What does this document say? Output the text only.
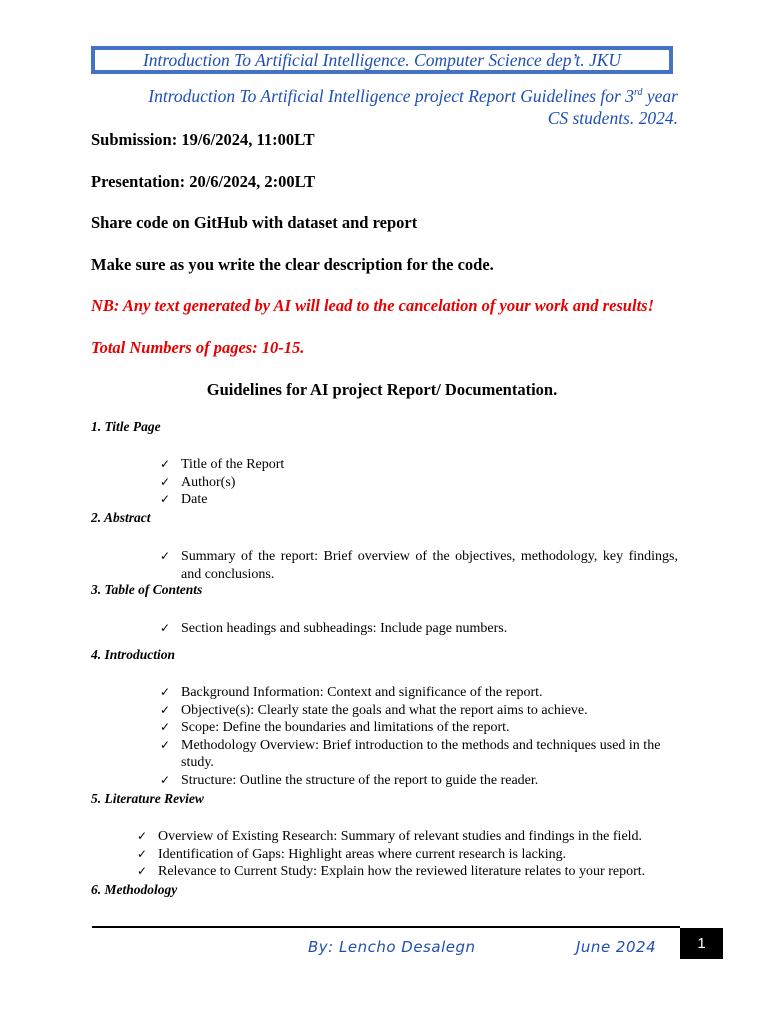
Introduction To Artificial Intelligence. Computer Science dep’t. JKU
Introduction To Artificial Intelligence project Report Guidelines for 3rd year
CS students. 2024.
Submission: 19/6/2024, 11:00LT
Presentation: 20/6/2024, 2:00LT
Share code on GitHub with dataset and report
Make sure as you write the clear description for the code.
NB: Any text generated by AI will lead to the cancelation of your work and results!
Total Numbers of pages: 10-15.
Guidelines for AI project Report/ Documentation.
1. Title Page
✓ Title of the Report
✓ Author(s)
✓ Date
2. Abstract
✓ Summary of the report: Brief overview of the objectives, methodology, key findings, and conclusions.
3. Table of Contents
✓ Section headings and subheadings: Include page numbers.
4. Introduction
✓ Background Information: Context and significance of the report.
✓ Objective(s): Clearly state the goals and what the report aims to achieve.
✓ Scope: Define the boundaries and limitations of the report.
✓ Methodology Overview: Brief introduction to the methods and techniques used in the study.
✓ Structure: Outline the structure of the report to guide the reader.
5. Literature Review
✓ Overview of Existing Research: Summary of relevant studies and findings in the field.
✓ Identification of Gaps: Highlight areas where current research is lacking.
✓ Relevance to Current Study: Explain how the reviewed literature relates to your report.
6. Methodology
By: Lencho Desalegn	June 2024	1
